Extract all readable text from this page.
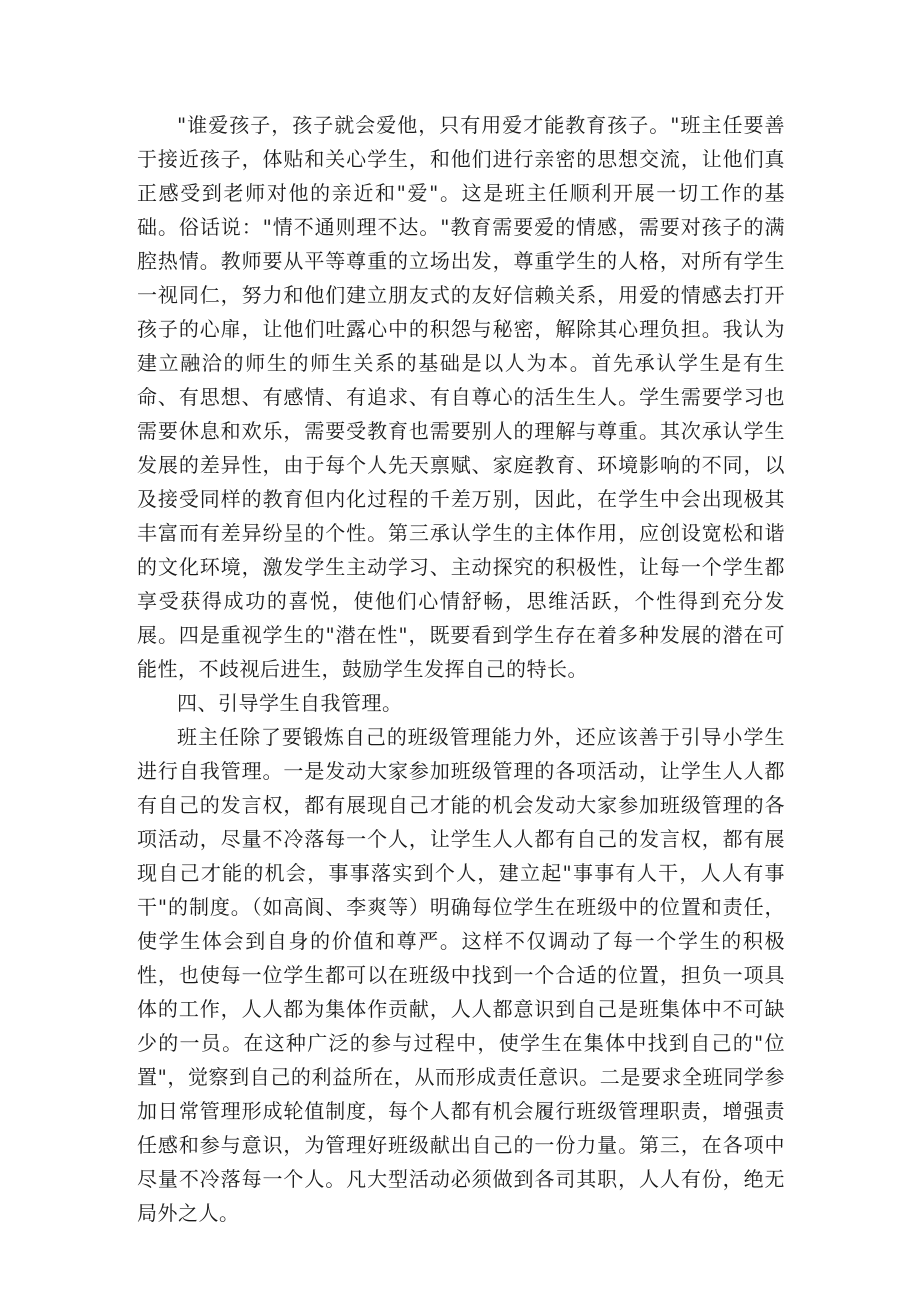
"谁爱孩子，孩子就会爱他，只有用爱才能教育孩子。"班主任要善于接近孩子，体贴和关心学生，和他们进行亲密的思想交流，让他们真正感受到老师对他的亲近和"爱"。这是班主任顺利开展一切工作的基础。俗话说："情不通则理不达。"教育需要爱的情感，需要对孩子的满腔热情。教师要从平等尊重的立场出发，尊重学生的人格，对所有学生一视同仁，努力和他们建立朋友式的友好信赖关系，用爱的情感去打开孩子的心扉，让他们吐露心中的积怨与秘密，解除其心理负担。我认为建立融洽的师生的师生关系的基础是以人为本。首先承认学生是有生命、有思想、有感情、有追求、有自尊心的活生生人。学生需要学习也需要休息和欢乐，需要受教育也需要别人的理解与尊重。其次承认学生发展的差异性，由于每个人先天禀赋、家庭教育、环境影响的不同，以及接受同样的教育但内化过程的千差万别，因此，在学生中会出现极其丰富而有差异纷呈的个性。第三承认学生的主体作用，应创设宽松和谐的文化环境，激发学生主动学习、主动探究的积极性，让每一个学生都享受获得成功的喜悦，使他们心情舒畅，思维活跃，个性得到充分发展。四是重视学生的"潜在性"，既要看到学生存在着多种发展的潜在可能性，不歧视后进生，鼓励学生发挥自己的特长。

四、引导学生自我管理。

班主任除了要锻炼自己的班级管理能力外，还应该善于引导小学生进行自我管理。一是发动大家参加班级管理的各项活动，让学生人人都有自己的发言权，都有展现自己才能的机会发动大家参加班级管理的各项活动，尽量不冷落每一个人，让学生人人都有自己的发言权，都有展现自己才能的机会，事事落实到个人，建立起"事事有人干，人人有事干"的制度。（如高阆、李爽等）明确每位学生在班级中的位置和责任，使学生体会到自身的价值和尊严。这样不仅调动了每一个学生的积极性，也使每一位学生都可以在班级中找到一个合适的位置，担负一项具体的工作，人人都为集体作贡献，人人都意识到自己是班集体中不可缺少的一员。在这种广泛的参与过程中，使学生在集体中找到自己的"位置"，觉察到自己的利益所在，从而形成责任意识。二是要求全班同学参加日常管理形成轮值制度，每个人都有机会履行班级管理职责，增强责任感和参与意识，为管理好班级献出自己的一份力量。第三，在各项中尽量不冷落每一个人。凡大型活动必须做到各司其职，人人有份，绝无局外之人。
